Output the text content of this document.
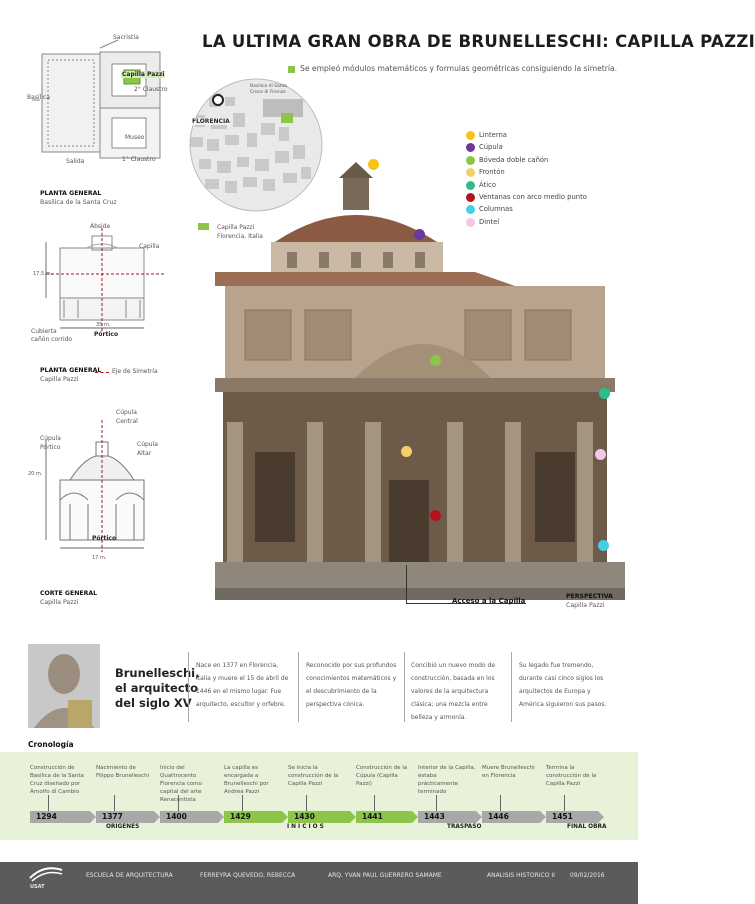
LA ULTIMA GRAN OBRA DE BRUNELLESCHI: CAPILLA PAZZI
Se empleó módulos matemáticos y formulas geométricas consiguiendo la simetría.
Sacristía
Capilla Pazzi
2° Claustro
Basílica
Museo
Salida	1° Claustro
PLANTA GENERAL
Basílica de la Santa Cruz
Ábside
Capilla
17,5 m.
35 m.
Cubierta
cañón corrido
Pórtico
PLANTA GENERAL
Capilla Pazzi
Eje de Simetría
Cúpula
Central
Cúpula
Pórtico	Cúpula
Altar
20 m.
Pórtico
17 m.
CORTE GENERAL
Capilla Pazzi
FLORENCIA
Basilica di Santa Croce di Firenze
Capilla Pazzi
Florencia, Italia
Linterna
Cúpula
Bóveda doble cañón
Frontón
Ático
Ventanas con arco medio punto
Columnas
Dintel
Acceso a la Capilla
PERSPECTIVA
Capilla Pazzi
Brunelleschi,
el arquitecto
del siglo XV
Nace en 1377 en Florencia, Italia y muere el 15 de abril de 1446 en el mismo lugar. Fue arquitecto, escultor y orfebre.
Reconocido por sus profundos conocimientos matemáticos y el descubrimiento de la perspectiva cónica.
Concibió un nuevo modo de construcción, basada en los valores de la arquitectura clásica; una mezcla entre belleza y armonía.
Su legado fue tremendo, durante casi cinco siglos los arquitectos de Europa y América siguieron sus pasos.
Cronología
Construcción de Basílica de la Santa Cruz diseñado por Arnolfo di Cambio
1294
Nacimiento de Filippo Brunelleschi
1377
Inicio del Quattrocento Florencia como capital del arte Renacentista
1400
La capilla es encargada a Brunelleschi por Andrea Pazzi
1429
Se inicia la construcción de la Capilla Pazzi
1430
Construcción de la Cúpula (Capilla Pazzi)
1441
Interior de la Capilla, estaba prácticamente terminado
1443
Muere Brunelleschi en Florencia
1446
Termina la construcción de la Capilla Pazzi
1451
ORIGENES	I N I C I O S	TRASPASO	FINAL OBRA
USAT
ESCUELA DE ARQUITECTURA	FERREYRA QUEVEDO, REBECCA	ARQ. YVAN PAUL GUERRERO SAMAME	ANALISIS HISTORICO II	09/02/2016
